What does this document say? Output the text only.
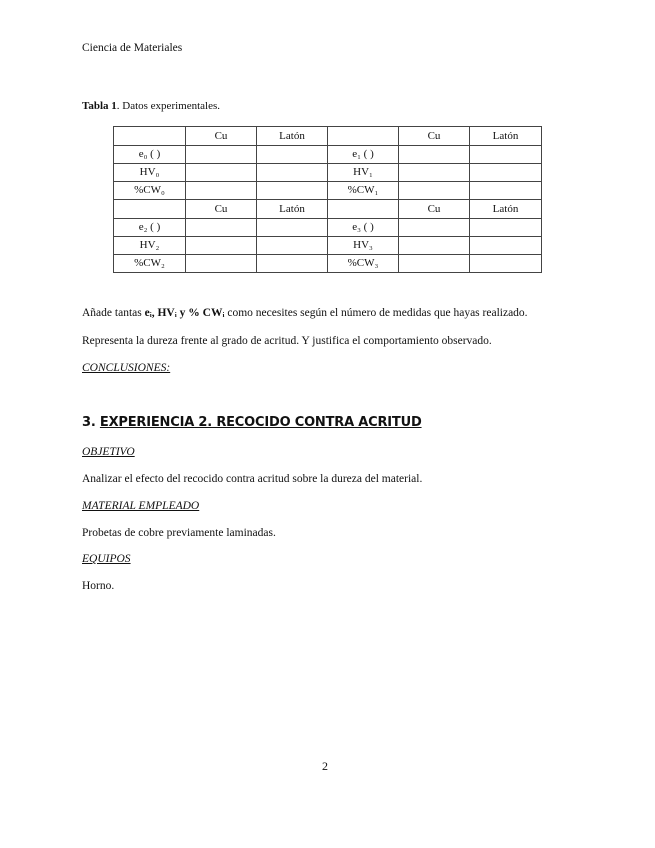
Ciencia de Materiales
Tabla 1. Datos experimentales.
	Cu	Latón		Cu	Latón
e₀ ( )			e₁ ( )		
HV₀			HV₁		
%CW₀			%CW₁		
	Cu	Latón		Cu	Latón
e₂ ( )			e₃ ( )		
HV₂			HV₃		
%CW₂			%CW₃		
Añade tantas eᵢ, HVᵢ y % CWᵢ como necesites según el número de medidas que hayas realizado.
Representa la dureza frente al grado de acritud. Y justifica el comportamiento observado.
CONCLUSIONES:
3. EXPERIENCIA 2. RECOCIDO CONTRA ACRITUD
OBJETIVO
Analizar el efecto del recocido contra acritud sobre la dureza del material.
MATERIAL EMPLEADO
Probetas de cobre previamente laminadas.
EQUIPOS
Horno.
2
